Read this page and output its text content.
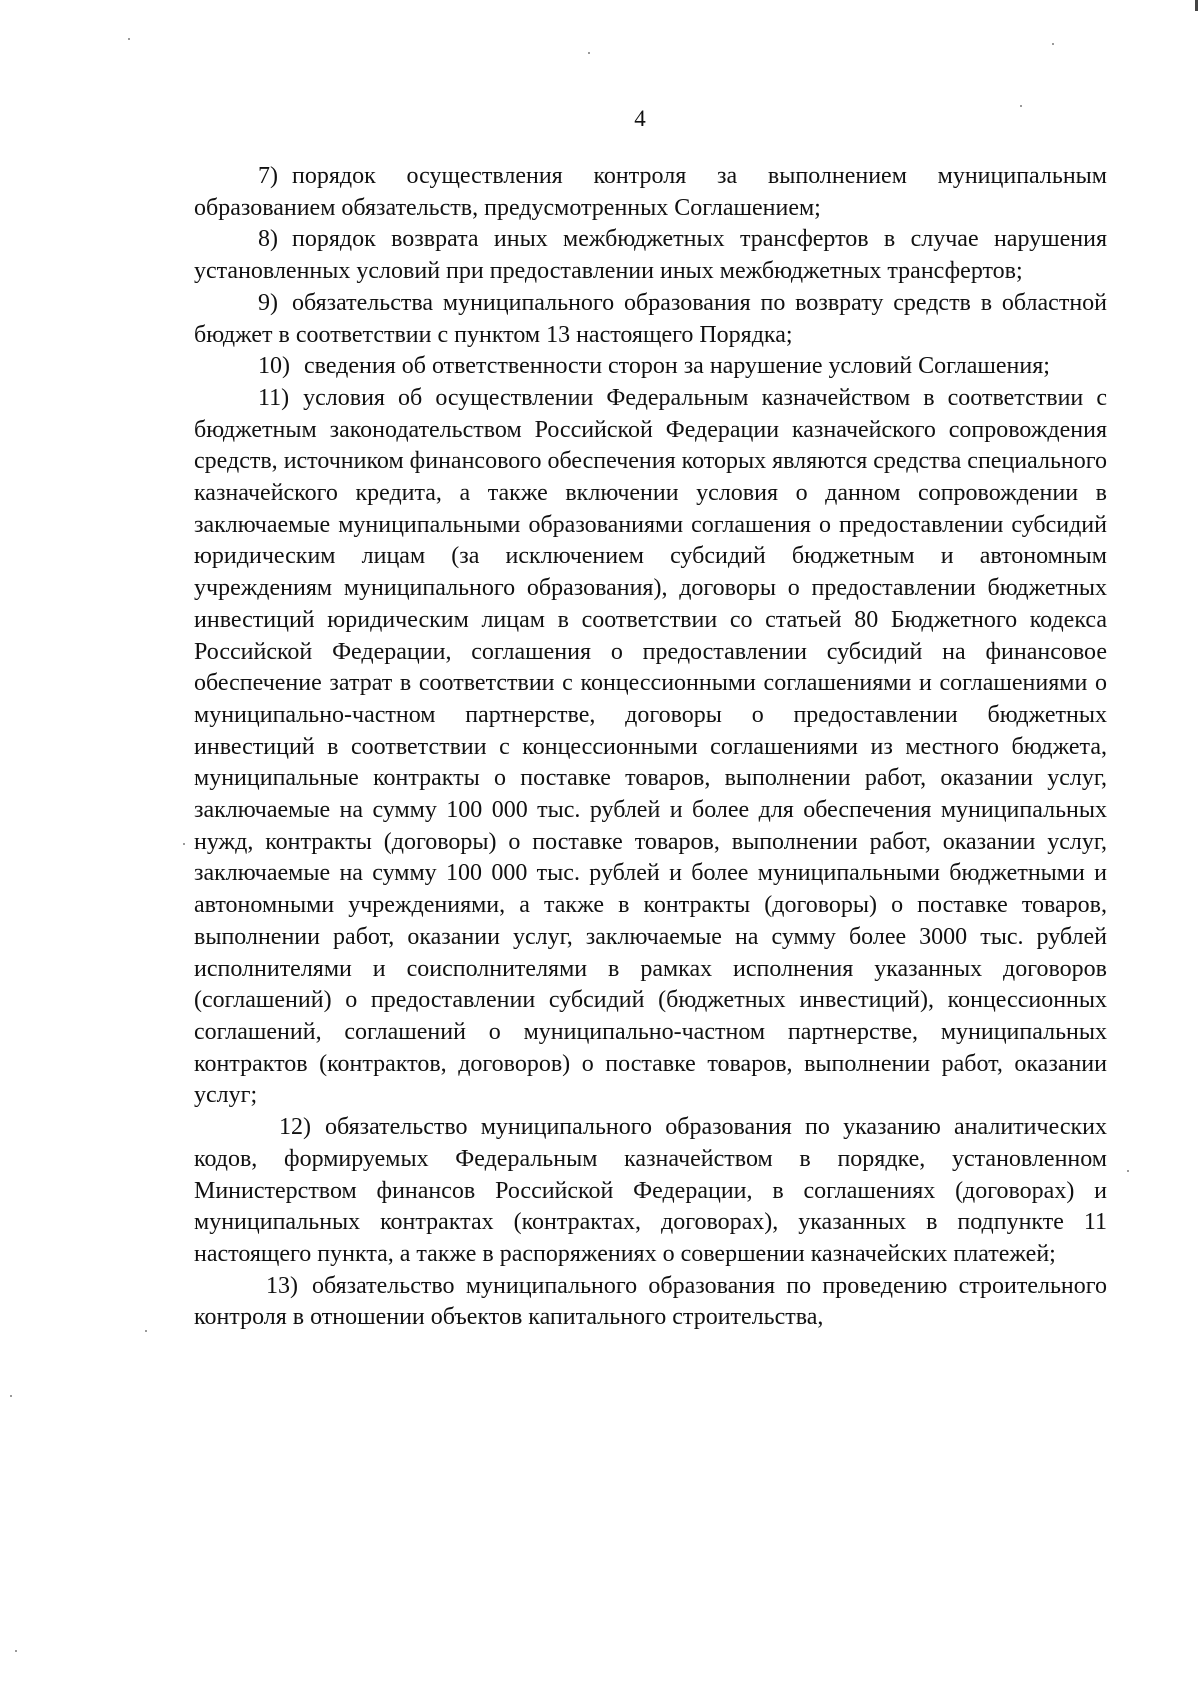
4

7) порядок осуществления контроля за выполнением муниципальным образованием обязательств, предусмотренных Соглашением;

8) порядок возврата иных межбюджетных трансфертов в случае нарушения установленных условий при предоставлении иных межбюджетных трансфертов;

9) обязательства муниципального образования по возврату средств в областной бюджет в соответствии с пунктом 13 настоящего Порядка;

10) сведения об ответственности сторон за нарушение условий Соглашения;

11) условия об осуществлении Федеральным казначейством в соответствии с бюджетным законодательством Российской Федерации казначейского сопровождения средств, источником финансового обеспечения которых являются средства специального казначейского кредита, а также включении условия о данном сопровождении в заключаемые муниципальными образованиями соглашения о предоставлении субсидий юридическим лицам (за исключением субсидий бюджетным и автономным учреждениям муниципального образования), договоры о предоставлении бюджетных инвестиций юридическим лицам в соответствии со статьей 80 Бюджетного кодекса Российской Федерации, соглашения о предоставлении субсидий на финансовое обеспечение затрат в соответствии с концессионными соглашениями и соглашениями о муниципально-частном партнерстве, договоры о предоставлении бюджетных инвестиций в соответствии с концессионными соглашениями из местного бюджета, муниципальные контракты о поставке товаров, выполнении работ, оказании услуг, заключаемые на сумму 100 000 тыс. рублей и более для обеспечения муниципальных нужд, контракты (договоры) о поставке товаров, выполнении работ, оказании услуг, заключаемые на сумму 100 000 тыс. рублей и более муниципальными бюджетными и автономными учреждениями, а также в контракты (договоры) о поставке товаров, выполнении работ, оказании услуг, заключаемые на сумму более 3000 тыс. рублей исполнителями и соисполнителями в рамках исполнения указанных договоров (соглашений) о предоставлении субсидий (бюджетных инвестиций), концессионных соглашений, соглашений о муниципально-частном партнерстве, муниципальных контрактов (контрактов, договоров) о поставке товаров, выполнении работ, оказании услуг;

12) обязательство муниципального образования по указанию аналитических кодов, формируемых Федеральным казначейством в порядке, установленном Министерством финансов Российской Федерации, в соглашениях (договорах) и муниципальных контрактах (контрактах, договорах), указанных в подпункте 11 настоящего пункта, а также в распоряжениях о совершении казначейских платежей;

13) обязательство муниципального образования по проведению строительного контроля в отношении объектов капитального строительства,
